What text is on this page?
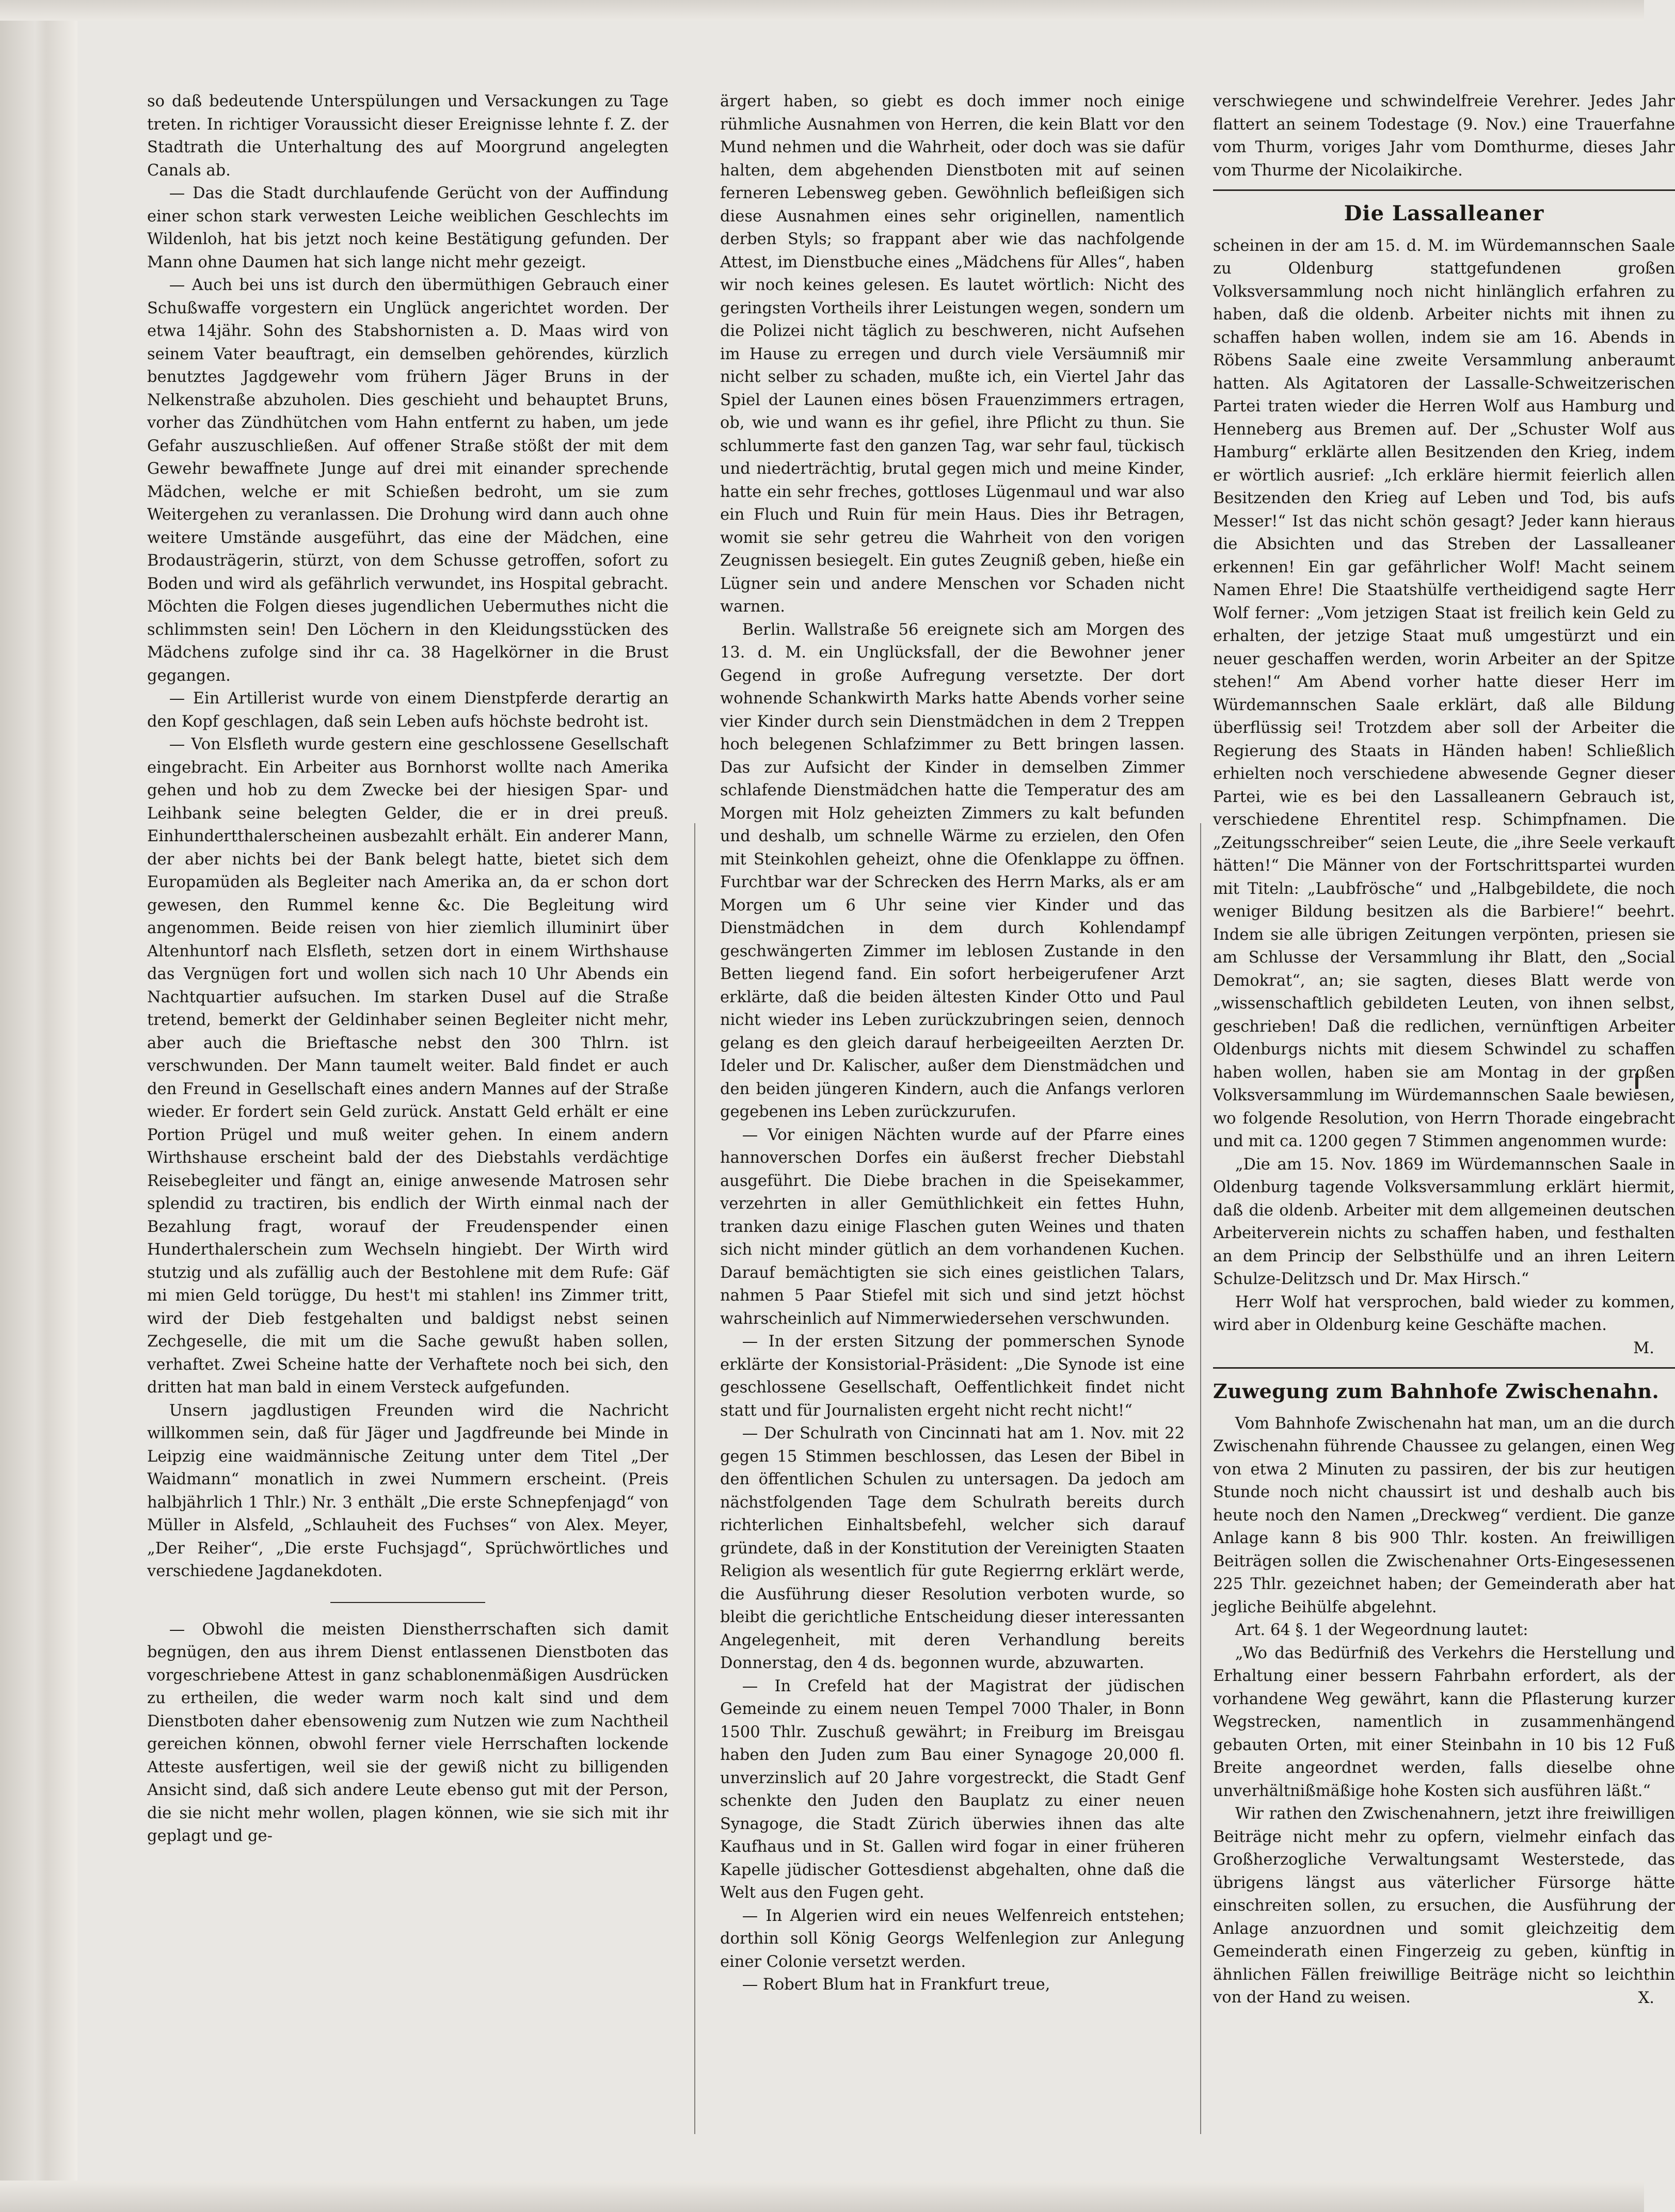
so daß bedeutende Unterspülungen und Versackungen zu Tage treten. In richtiger Voraussicht dieser Ereignisse lehnte f. Z. der Stadtrath die Unterhaltung des auf Moorgrund angelegten Canals ab.

— Das die Stadt durchlaufende Gerücht von der Auffindung einer schon stark verwesten Leiche weiblichen Geschlechts im Wildenloh, hat bis jetzt noch keine Bestätigung gefunden. Der Mann ohne Daumen hat sich lange nicht mehr gezeigt.

— Auch bei uns ist durch den übermüthigen Gebrauch einer Schußwaffe vorgestern ein Unglück angerichtet worden. Der etwa 14jähr. Sohn des Stabshornisten a. D. Maas wird von seinem Vater beauftragt, ein demselben gehörendes, kürzlich benutztes Jagdgewehr vom frühern Jäger Bruns in der Nelkenstraße abzuholen. Dies geschieht und behauptet Bruns, vorher das Zündhütchen vom Hahn entfernt zu haben, um jede Gefahr auszuschließen. Auf offener Straße stößt der mit dem Gewehr bewaffnete Junge auf drei mit einander sprechende Mädchen, welche er mit Schießen bedroht, um sie zum Weitergehen zu veranlassen. Die Drohung wird dann auch ohne weitere Umstände ausgeführt, das eine der Mädchen, eine Brodausträgerin, stürzt, von dem Schusse getroffen, sofort zu Boden und wird als gefährlich verwundet, ins Hospital gebracht. Möchten die Folgen dieses jugendlichen Uebermuthes nicht die schlimmsten sein! Den Löchern in den Kleidungsstücken des Mädchens zufolge sind ihr ca. 38 Hagelkörner in die Brust gegangen.

— Ein Artillerist wurde von einem Dienstpferde derartig an den Kopf geschlagen, daß sein Leben aufs höchste bedroht ist.

— Von Elsfleth wurde gestern eine geschlossene Gesellschaft eingebracht. Ein Arbeiter aus Bornhorst wollte nach Amerika gehen und hob zu dem Zwecke bei der hiesigen Spar- und Leihbank seine belegten Gelder, die er in drei preuß. Einhundertthalerscheinen ausbezahlt erhält. Ein anderer Mann, der aber nichts bei der Bank belegt hatte, bietet sich dem Europamüden als Begleiter nach Amerika an, da er schon dort gewesen, den Rummel kenne &c. Die Begleitung wird angenommen. Beide reisen von hier ziemlich illuminirt über Altenhuntorf nach Elsfleth, setzen dort in einem Wirthshause das Vergnügen fort und wollen sich nach 10 Uhr Abends ein Nachtquartier aufsuchen. Im starken Dusel auf die Straße tretend, bemerkt der Geldinhaber seinen Begleiter nicht mehr, aber auch die Brieftasche nebst den 300 Thlrn. ist verschwunden. Der Mann taumelt weiter. Bald findet er auch den Freund in Gesellschaft eines andern Mannes auf der Straße wieder. Er fordert sein Geld zurück. Anstatt Geld erhält er eine Portion Prügel und muß weiter gehen. In einem andern Wirthshause erscheint bald der des Diebstahls verdächtige Reisebegleiter und fängt an, einige anwesende Matrosen sehr splendid zu tractiren, bis endlich der Wirth einmal nach der Bezahlung fragt, worauf der Freudenspender einen Hunderthalerschein zum Wechseln hingiebt. Der Wirth wird stutzig und als zufällig auch der Bestohlene mit dem Rufe: Gäf mi mien Geld torügge, Du hest't mi stahlen! ins Zimmer tritt, wird der Dieb festgehalten und baldigst nebst seinen Zechgeselle, die mit um die Sache gewußt haben sollen, verhaftet. Zwei Scheine hatte der Verhaftete noch bei sich, den dritten hat man bald in einem Versteck aufgefunden.

Unsern jagdlustigen Freunden wird die Nachricht willkommen sein, daß für Jäger und Jagdfreunde bei Minde in Leipzig eine waidmännische Zeitung unter dem Titel „Der Waidmann“ monatlich in zwei Nummern erscheint. (Preis halbjährlich 1 Thlr.) Nr. 3 enthält „Die erste Schnepfenjagd“ von Müller in Alsfeld, „Schlauheit des Fuchses“ von Alex. Meyer, „Der Reiher“, „Die erste Fuchsjagd“, Sprüchwörtliches und verschiedene Jagdanekdoten.

— Obwohl die meisten Dienstherrschaften sich damit begnügen, den aus ihrem Dienst entlassenen Dienstboten das vorgeschriebene Attest in ganz schablonenmäßigen Ausdrücken zu ertheilen, die weder warm noch kalt sind und dem Dienstboten daher ebensowenig zum Nutzen wie zum Nachtheil gereichen können, obwohl ferner viele Herrschaften lockende Atteste ausfertigen, weil sie der gewiß nicht zu billigenden Ansicht sind, daß sich andere Leute ebenso gut mit der Person, die sie nicht mehr wollen, plagen können, wie sie sich mit ihr geplagt und ge-

ärgert haben, so giebt es doch immer noch einige rühmliche Ausnahmen von Herren, die kein Blatt vor den Mund nehmen und die Wahrheit, oder doch was sie dafür halten, dem abgehenden Dienstboten mit auf seinen ferneren Lebensweg geben. Gewöhnlich befleißigen sich diese Ausnahmen eines sehr originellen, namentlich derben Styls; so frappant aber wie das nachfolgende Attest, im Dienstbuche eines „Mädchens für Alles“, haben wir noch keines gelesen. Es lautet wörtlich: Nicht des geringsten Vortheils ihrer Leistungen wegen, sondern um die Polizei nicht täglich zu beschweren, nicht Aufsehen im Hause zu erregen und durch viele Versäumniß mir nicht selber zu schaden, mußte ich, ein Viertel Jahr das Spiel der Launen eines bösen Frauenzimmers ertragen, ob, wie und wann es ihr gefiel, ihre Pflicht zu thun. Sie schlummerte fast den ganzen Tag, war sehr faul, tückisch und niederträchtig, brutal gegen mich und meine Kinder, hatte ein sehr freches, gottloses Lügenmaul und war also ein Fluch und Ruin für mein Haus. Dies ihr Betragen, womit sie sehr getreu die Wahrheit von den vorigen Zeugnissen besiegelt. Ein gutes Zeugniß geben, hieße ein Lügner sein und andere Menschen vor Schaden nicht warnen.

Berlin. Wallstraße 56 ereignete sich am Morgen des 13. d. M. ein Unglücksfall, der die Bewohner jener Gegend in große Aufregung versetzte. Der dort wohnende Schankwirth Marks hatte Abends vorher seine vier Kinder durch sein Dienstmädchen in dem 2 Treppen hoch belegenen Schlafzimmer zu Bett bringen lassen. Das zur Aufsicht der Kinder in demselben Zimmer schlafende Dienstmädchen hatte die Temperatur des am Morgen mit Holz geheizten Zimmers zu kalt befunden und deshalb, um schnelle Wärme zu erzielen, den Ofen mit Steinkohlen geheizt, ohne die Ofenklappe zu öffnen. Furchtbar war der Schrecken des Herrn Marks, als er am Morgen um 6 Uhr seine vier Kinder und das Dienstmädchen in dem durch Kohlendampf geschwängerten Zimmer im leblosen Zustande in den Betten liegend fand. Ein sofort herbeigerufener Arzt erklärte, daß die beiden ältesten Kinder Otto und Paul nicht wieder ins Leben zurückzubringen seien, dennoch gelang es den gleich darauf herbeigeeilten Aerzten Dr. Ideler und Dr. Kalischer, außer dem Dienstmädchen und den beiden jüngeren Kindern, auch die Anfangs verloren gegebenen ins Leben zurückzurufen.

— Vor einigen Nächten wurde auf der Pfarre eines hannoverschen Dorfes ein äußerst frecher Diebstahl ausgeführt. Die Diebe brachen in die Speisekammer, verzehrten in aller Gemüthlichkeit ein fettes Huhn, tranken dazu einige Flaschen guten Weines und thaten sich nicht minder gütlich an dem vorhandenen Kuchen. Darauf bemächtigten sie sich eines geistlichen Talars, nahmen 5 Paar Stiefel mit sich und sind jetzt höchst wahrscheinlich auf Nimmerwiedersehen verschwunden.

— In der ersten Sitzung der pommerschen Synode erklärte der Konsistorial-Präsident: „Die Synode ist eine geschlossene Gesellschaft, Oeffentlichkeit findet nicht statt und für Journalisten ergeht nicht recht nicht!“

— Der Schulrath von Cincinnati hat am 1. Nov. mit 22 gegen 15 Stimmen beschlossen, das Lesen der Bibel in den öffentlichen Schulen zu untersagen. Da jedoch am nächstfolgenden Tage dem Schulrath bereits durch richterlichen Einhaltsbefehl, welcher sich darauf gründete, daß in der Konstitution der Vereinigten Staaten Religion als wesentlich für gute Regierrng erklärt werde, die Ausführung dieser Resolution verboten wurde, so bleibt die gerichtliche Entscheidung dieser interessanten Angelegenheit, mit deren Verhandlung bereits Donnerstag, den 4 ds. begonnen wurde, abzuwarten.

— In Crefeld hat der Magistrat der jüdischen Gemeinde zu einem neuen Tempel 7000 Thaler, in Bonn 1500 Thlr. Zuschuß gewährt; in Freiburg im Breisgau haben den Juden zum Bau einer Synagoge 20,000 fl. unverzinslich auf 20 Jahre vorgestreckt, die Stadt Genf schenkte den Juden den Bauplatz zu einer neuen Synagoge, die Stadt Zürich überwies ihnen das alte Kaufhaus und in St. Gallen wird fogar in einer früheren Kapelle jüdischer Gottesdienst abgehalten, ohne daß die Welt aus den Fugen geht.

— In Algerien wird ein neues Welfenreich entstehen; dorthin soll König Georgs Welfenlegion zur Anlegung einer Colonie versetzt werden.

— Robert Blum hat in Frankfurt treue,

verschwiegene und schwindelfreie Verehrer. Jedes Jahr flattert an seinem Todestage (9. Nov.) eine Trauerfahne vom Thurm, voriges Jahr vom Domthurme, dieses Jahr vom Thurme der Nicolaikirche.

Die Lassalleaner

scheinen in der am 15. d. M. im Würdemannschen Saale zu Oldenburg stattgefundenen großen Volksversammlung noch nicht hinlänglich erfahren zu haben, daß die oldenb. Arbeiter nichts mit ihnen zu schaffen haben wollen, indem sie am 16. Abends in Röbens Saale eine zweite Versammlung anberaumt hatten. Als Agitatoren der Lassalle-Schweitzerischen Partei traten wieder die Herren Wolf aus Hamburg und Henneberg aus Bremen auf. Der „Schuster Wolf aus Hamburg“ erklärte allen Besitzenden den Krieg, indem er wörtlich ausrief: „Ich erkläre hiermit feierlich allen Besitzenden den Krieg auf Leben und Tod, bis aufs Messer!“ Ist das nicht schön gesagt? Jeder kann hieraus die Absichten und das Streben der Lassalleaner erkennen! Ein gar gefährlicher Wolf! Macht seinem Namen Ehre! Die Staatshülfe vertheidigend sagte Herr Wolf ferner: „Vom jetzigen Staat ist freilich kein Geld zu erhalten, der jetzige Staat muß umgestürzt und ein neuer geschaffen werden, worin Arbeiter an der Spitze stehen!“ Am Abend vorher hatte dieser Herr im Würdemannschen Saale erklärt, daß alle Bildung überflüssig sei! Trotzdem aber soll der Arbeiter die Regierung des Staats in Händen haben! Schließlich erhielten noch verschiedene abwesende Gegner dieser Partei, wie es bei den Lassalleanern Gebrauch ist, verschiedene Ehrentitel resp. Schimpfnamen. Die „Zeitungsschreiber“ seien Leute, die „ihre Seele verkauft hätten!“ Die Männer von der Fortschrittspartei wurden mit Titeln: „Laubfrösche“ und „Halbgebildete, die noch weniger Bildung besitzen als die Barbiere!“ beehrt. Indem sie alle übrigen Zeitungen verpönten, priesen sie am Schlusse der Versammlung ihr Blatt, den „Social Demokrat“, an; sie sagten, dieses Blatt werde von „wissenschaftlich gebildeten Leuten, von ihnen selbst, geschrieben! Daß die redlichen, vernünftigen Arbeiter Oldenburgs nichts mit diesem Schwindel zu schaffen haben wollen, haben sie am Montag in der großen Volksversammlung im Würdemannschen Saale bewiesen, wo folgende Resolution, von Herrn Thorade eingebracht und mit ca. 1200 gegen 7 Stimmen angenommen wurde:

„Die am 15. Nov. 1869 im Würdemannschen Saale in Oldenburg tagende Volksversammlung erklärt hiermit, daß die oldenb. Arbeiter mit dem allgemeinen deutschen Arbeiterverein nichts zu schaffen haben, und festhalten an dem Princip der Selbsthülfe und an ihren Leitern Schulze-Delitzsch und Dr. Max Hirsch.“

Herr Wolf hat versprochen, bald wieder zu kommen, wird aber in Oldenburg keine Geschäfte machen.

M.
Zuwegung zum Bahnhofe Zwischenahn.

Vom Bahnhofe Zwischenahn hat man, um an die durch Zwischenahn führende Chaussee zu gelangen, einen Weg von etwa 2 Minuten zu passiren, der bis zur heutigen Stunde noch nicht chaussirt ist und deshalb auch bis heute noch den Namen „Dreckweg“ verdient. Die ganze Anlage kann 8 bis 900 Thlr. kosten. An freiwilligen Beiträgen sollen die Zwischenahner Orts-Eingesessenen 225 Thlr. gezeichnet haben; der Gemeinderath aber hat jegliche Beihülfe abgelehnt.

Art. 64 §. 1 der Wegeordnung lautet:

„Wo das Bedürfniß des Verkehrs die Herstellung und Erhaltung einer bessern Fahrbahn erfordert, als der vorhandene Weg gewährt, kann die Pflasterung kurzer Wegstrecken, namentlich in zusammenhängend gebauten Orten, mit einer Steinbahn in 10 bis 12 Fuß Breite angeordnet werden, falls dieselbe ohne unverhältnißmäßige hohe Kosten sich ausführen läßt.“

Wir rathen den Zwischenahnern, jetzt ihre freiwilligen Beiträge nicht mehr zu opfern, vielmehr einfach das Großherzogliche Verwaltungsamt Westerstede, das übrigens längst aus väterlicher Fürsorge hätte einschreiten sollen, zu ersuchen, die Ausführung der Anlage anzuordnen und somit gleichzeitig dem Gemeinderath einen Fingerzeig zu geben, künftig in ähnlichen Fällen freiwillige Beiträge nicht so leichthin von der Hand zu weisen.	X.
